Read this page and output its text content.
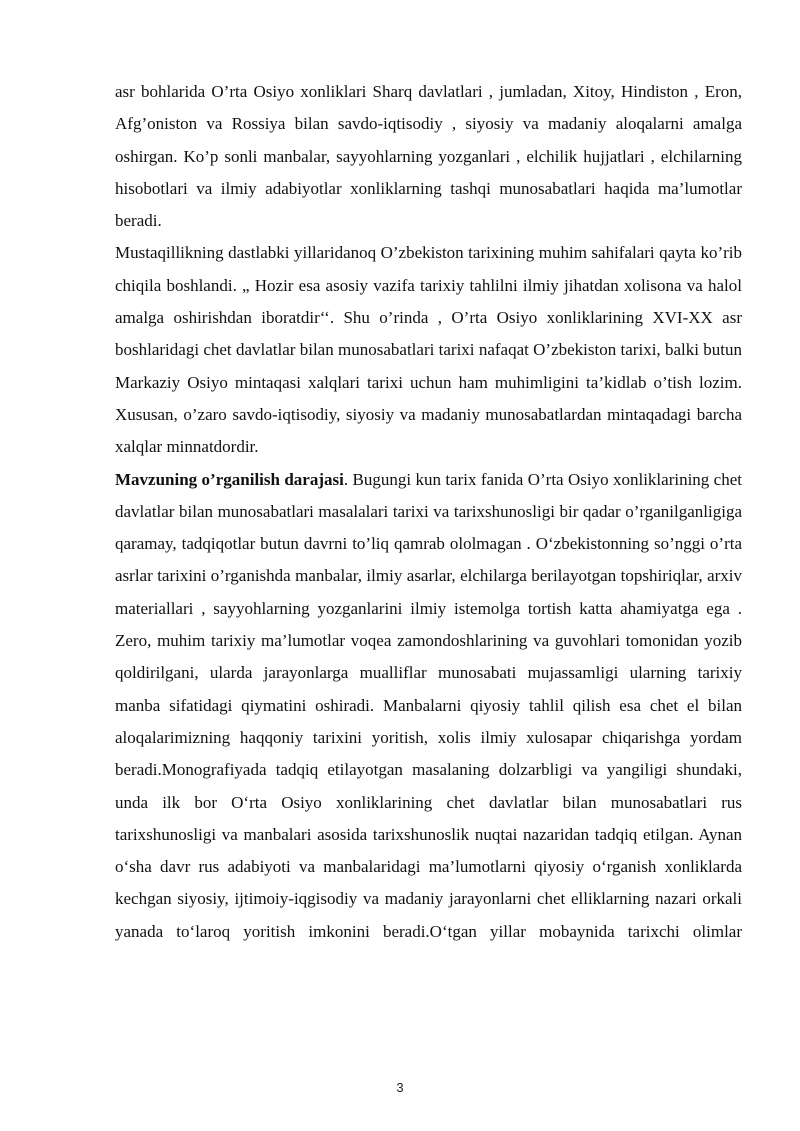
asr bohlarida O’rta Osiyo xonliklari Sharq davlatlari , jumladan, Xitoy, Hindiston , Eron, Afg’oniston va Rossiya bilan savdo-iqtisodiy , siyosiy va madaniy aloqalarni amalga oshirgan. Ko’p sonli manbalar, sayyohlarning yozganlari , elchilik hujjatlari , elchilarning hisobotlari va ilmiy adabiyotlar xonliklarning tashqi munosabatlari haqida ma’lumotlar beradi.

Mustaqillikning dastlabki yillaridanoq O’zbekiston tarixining muhim sahifalari qayta ko’rib chiqila boshlandi. „ Hozir esa asosiy vazifa tarixiy tahlilni ilmiy jihatdan xolisona va halol amalga oshirishdan iboratdir‘‘. Shu o’rinda , O’rta Osiyo xonliklarining XVI-XX asr boshlaridagi chet davlatlar bilan munosabatlari tarixi nafaqat O’zbekiston tarixi, balki butun Markaziy Osiyo mintaqasi xalqlari tarixi uchun ham muhimligini ta’kidlab o’tish lozim. Xususan, o’zaro savdo-iqtisodiy, siyosiy va madaniy munosabatlardan mintaqadagi barcha xalqlar minnatdordir.

Mavzuning o’rganilish darajasi. Bugungi kun tarix fanida O’rta Osiyo xonliklarining chet davlatlar bilan munosabatlari masalalari tarixi va tarixshunosligi bir qadar o’rganilganligiga qaramay, tadqiqotlar butun davrni to’liq qamrab ololmagan . O‘zbekistonning so’nggi o’rta asrlar tarixini o’rganishda manbalar, ilmiy asarlar, elchilarga berilayotgan topshiriqlar, arxiv materiallari , sayyohlarning yozganlarini ilmiy istemolga tortish katta ahamiyatga ega . Zero, muhim tarixiy ma’lumotlar voqea zamondoshlarining va guvohlari tomonidan yozib qoldirilgani, ularda jarayonlarga mualliflar munosabati mujassamligi ularning tarixiy manba sifatidagi qiymatini oshiradi. Manbalarni qiyosiy tahlil qilish esa chet el bilan aloqalarimizning haqqoniy tarixini yoritish, xolis ilmiy xulosapar chiqarishga yordam beradi.Monografiyada tadqiq etilayotgan masalaning dolzarbligi va yangiligi shundaki, unda ilk bor O‘rta Osiyo xonliklarining chet davlatlar bilan munosabatlari rus tarixshunosligi va manbalari asosida tarixshunoslik nuqtai nazaridan tadqiq etilgan. Aynan o‘sha davr rus adabiyoti va manbalaridagi ma’lumotlarni qiyosiy o‘rganish xonliklarda kechgan siyosiy, ijtimoiy-iqgisodiy va madaniy jarayonlarni chet elliklarning nazari orkali yanada to‘laroq yoritish imkonini beradi.O‘tgan yillar mobaynida tarixchi olimlar

3
